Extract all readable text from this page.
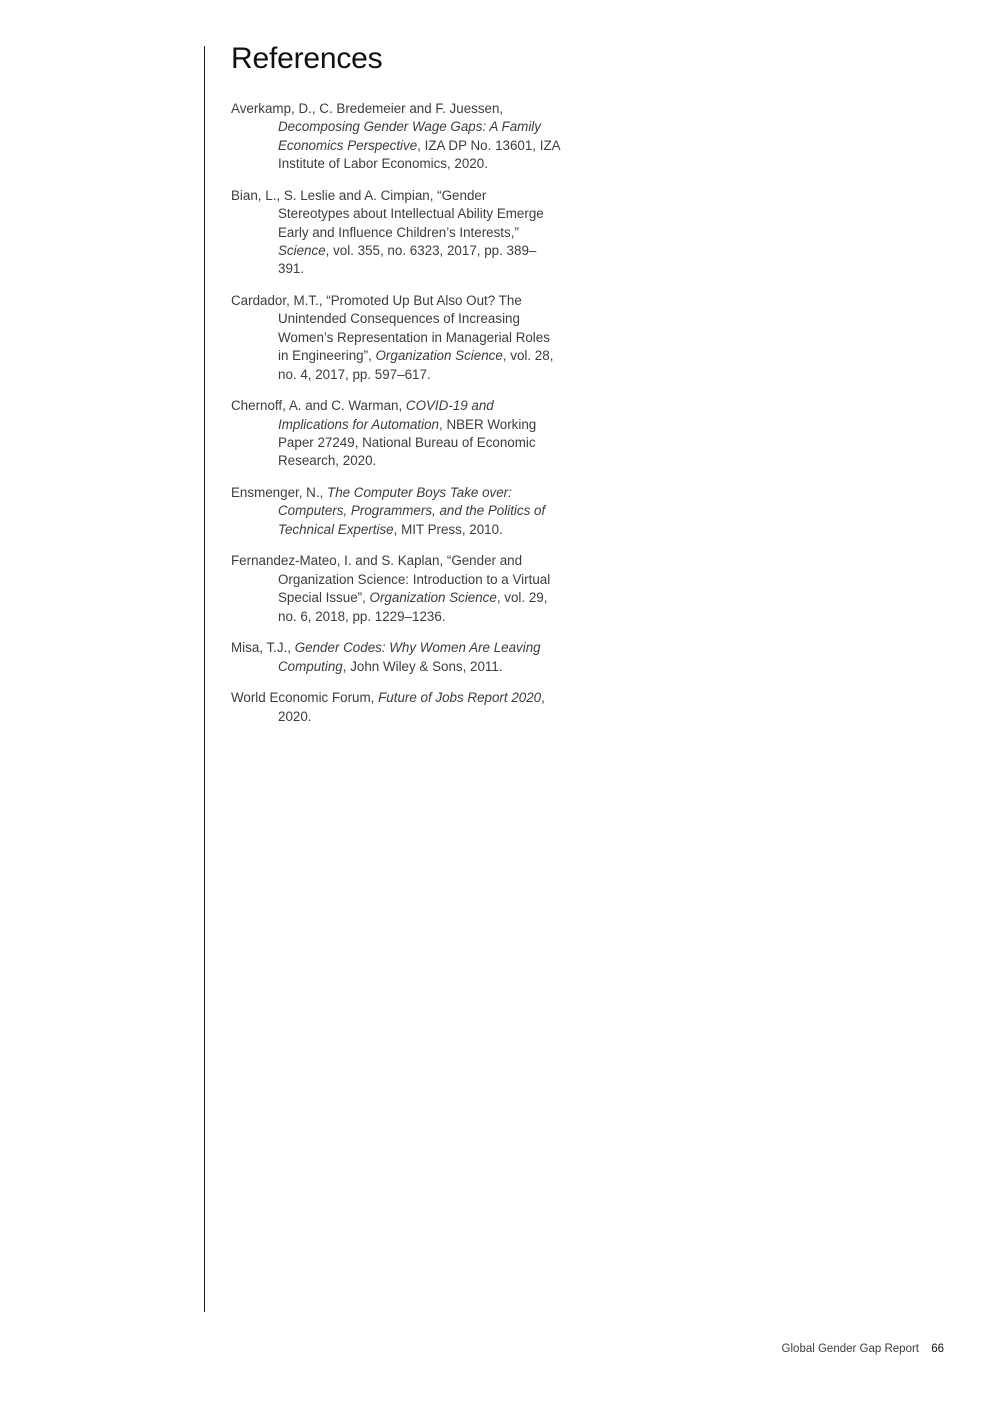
References
Averkamp, D., C. Bredemeier and F. Juessen, Decomposing Gender Wage Gaps: A Family Economics Perspective, IZA DP No. 13601, IZA Institute of Labor Economics, 2020.
Bian, L., S. Leslie and A. Cimpian, “Gender Stereotypes about Intellectual Ability Emerge Early and Influence Children’s Interests,” Science, vol. 355, no. 6323, 2017, pp. 389–391.
Cardador, M.T., “Promoted Up But Also Out? The Unintended Consequences of Increasing Women’s Representation in Managerial Roles in Engineering”, Organization Science, vol. 28, no. 4, 2017, pp. 597–617.
Chernoff, A. and C. Warman, COVID-19 and Implications for Automation, NBER Working Paper 27249, National Bureau of Economic Research, 2020.
Ensmenger, N., The Computer Boys Take over: Computers, Programmers, and the Politics of Technical Expertise, MIT Press, 2010.
Fernandez-Mateo, I. and S. Kaplan, “Gender and Organization Science: Introduction to a Virtual Special Issue”, Organization Science, vol. 29, no. 6, 2018, pp. 1229–1236.
Misa, T.J., Gender Codes: Why Women Are Leaving Computing, John Wiley & Sons, 2011.
World Economic Forum, Future of Jobs Report 2020, 2020.
Global Gender Gap Report 66
